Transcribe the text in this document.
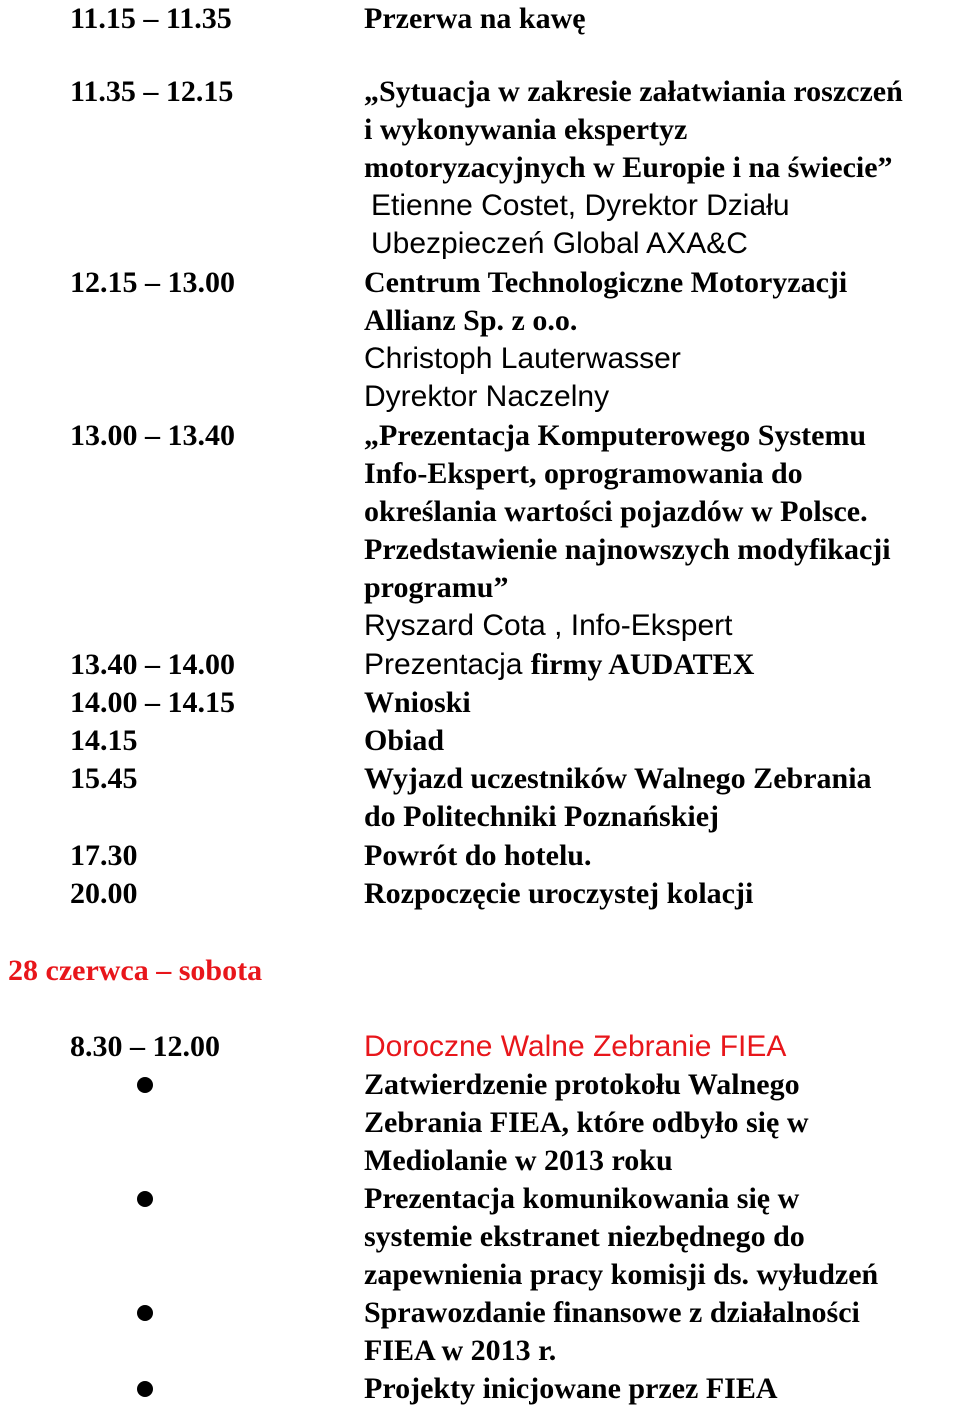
11.15 – 11.35	Przerwa na kawę
11.35 – 12.15	„Sytuacja w zakresie załatwiania roszczeń
i wykonywania ekspertyz
motoryzacyjnych w Europie i na świecie”
Etienne Costet, Dyrektor Działu
Ubezpieczeń Global AXA&C
12.15 – 13.00	Centrum Technologiczne Motoryzacji
Allianz Sp. z o.o.
Christoph Lauterwasser
Dyrektor Naczelny
13.00 – 13.40	„Prezentacja Komputerowego Systemu
Info-Ekspert, oprogramowania do
określania wartości pojazdów w Polsce.
Przedstawienie najnowszych modyfikacji
programu”
Ryszard Cota , Info-Ekspert
13.40 – 14.00	Prezentacja firmy AUDATEX
14.00 – 14.15	Wnioski
14.15	Obiad
15.45	Wyjazd uczestników Walnego Zebrania
do Politechniki Poznańskiej
17.30	Powrót do hotelu.
20.00	Rozpoczęcie uroczystej kolacji
28 czerwca – sobota
8.30 – 12.00	Doroczne Walne Zebranie FIEA
Zatwierdzenie protokołu Walnego
Zebrania FIEA, które odbyło się w
Mediolanie w 2013 roku
Prezentacja komunikowania się w
systemie ekstranet niezbędnego do
zapewnienia pracy komisji ds. wyłudzeń
Sprawozdanie finansowe z działalności
FIEA w 2013 r.
Projekty inicjowane przez FIEA
